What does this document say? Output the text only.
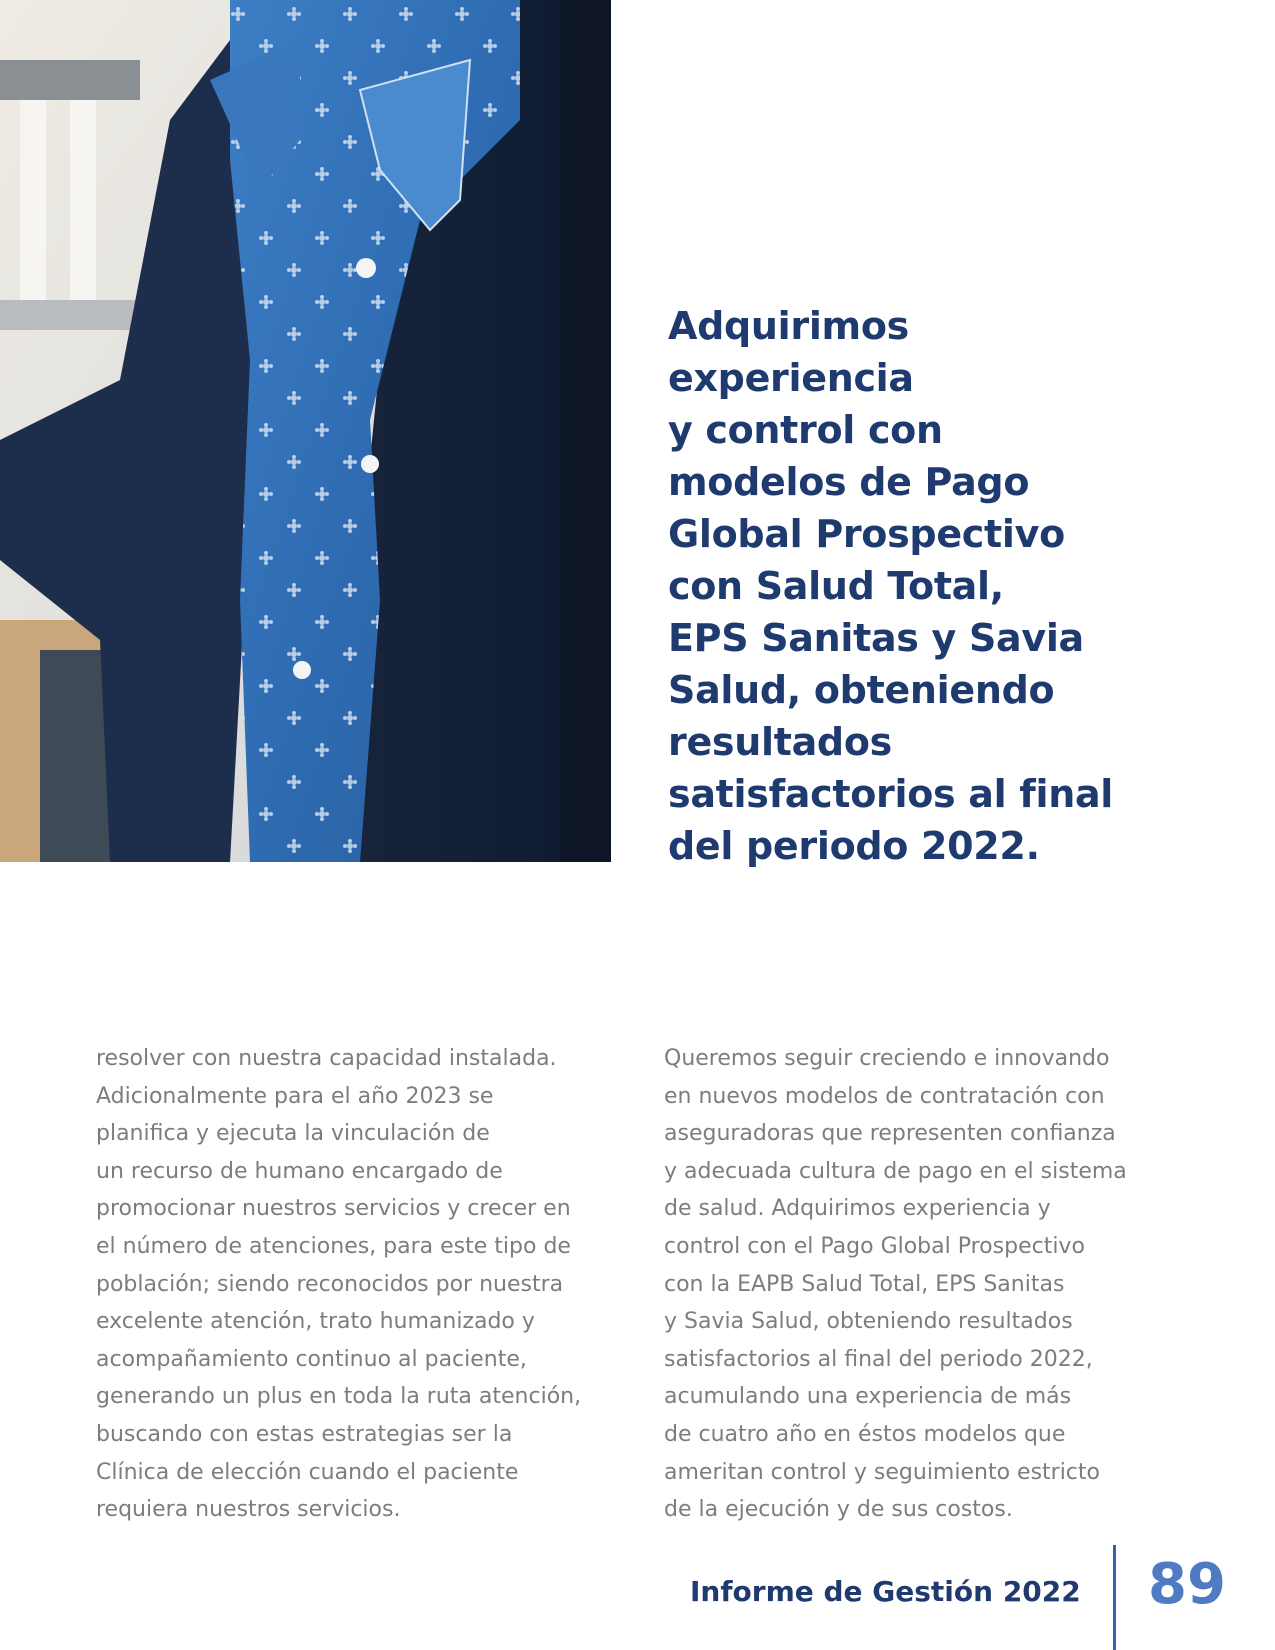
Adquirimos
experiencia
y control con
modelos de Pago
Global Prospectivo
con Salud Total,
EPS Sanitas y Savia
Salud, obteniendo
resultados
satisfactorios al final
del periodo 2022.
resolver con nuestra capacidad instalada.
Adicionalmente para el año 2023 se
planifica y ejecuta la vinculación de
un recurso de humano encargado de
promocionar nuestros servicios y crecer en
el número de atenciones, para este tipo de
población; siendo reconocidos por nuestra
excelente atención, trato humanizado y
acompañamiento continuo al paciente,
generando un plus en toda la ruta atención,
buscando con estas estrategias ser la
Clínica de elección cuando el paciente
requiera nuestros servicios.
Queremos seguir creciendo e innovando
en nuevos modelos de contratación con
aseguradoras que representen confianza
y adecuada cultura de pago en el sistema
de salud. Adquirimos experiencia y
control con el Pago Global Prospectivo
con la EAPB Salud Total, EPS Sanitas
y Savia Salud, obteniendo resultados
satisfactorios al final del periodo 2022,
acumulando una experiencia de más
de cuatro año en éstos modelos que
ameritan control y seguimiento estricto
de la ejecución y de sus costos.
Informe de Gestión 2022 89
